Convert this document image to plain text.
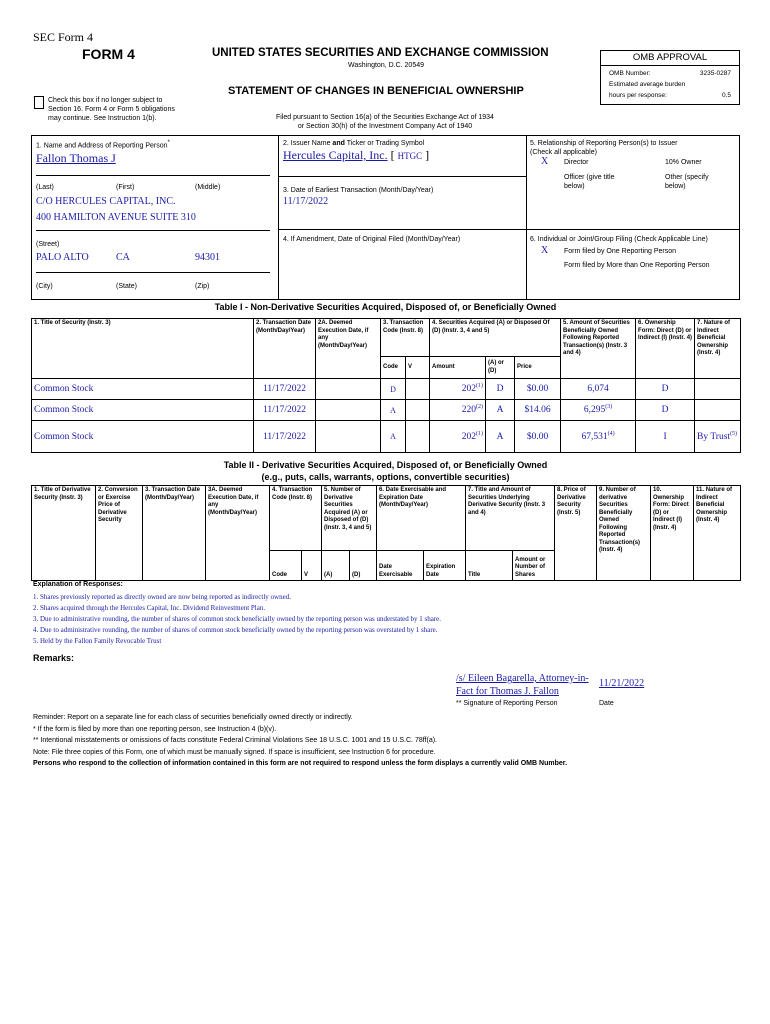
SEC Form 4
FORM 4	UNITED STATES SECURITIES AND EXCHANGE COMMISSION
Washington, D.C. 20549
STATEMENT OF CHANGES IN BENEFICIAL OWNERSHIP
Check this box if no longer subject to
Section 16. Form 4 or Form 5 obligations
may continue. See Instruction 1(b).	Filed pursuant to Section 16(a) of the Securities Exchange Act of 1934
or Section 30(h) of the Investment Company Act of 1940
OMB APPROVAL
OMB Number:	3235-0287
Estimated average burden
hours per response:	0.5
1. Name and Address of Reporting Person*
Fallon Thomas J
(Last)	(First)	(Middle)
C/O HERCULES CAPITAL, INC.
400 HAMILTON AVENUE SUITE 310
(Street)
PALO ALTO	CA	94301
(City)	(State)	(Zip)
2. Issuer Name and Ticker or Trading Symbol
Hercules Capital, Inc. [ HTGC ]
3. Date of Earliest Transaction (Month/Day/Year)
11/17/2022
4. If Amendment, Date of Original Filed (Month/Day/Year)
5. Relationship of Reporting Person(s) to Issuer
(Check all applicable)
X Director	10% Owner
Officer (give title
below)
Other (specify
below)
6. Individual or Joint/Group Filing (Check Applicable Line)
X Form filed by One Reporting Person
Form filed by More than One Reporting Person
Table I - Non-Derivative Securities Acquired, Disposed of, or Beneficially Owned
1. Title of Security (Instr. 3)	2. Transaction Date (Month/Day/Year)	2A. Deemed Execution Date, if any (Month/Day/Year)	3. Transaction Code (Instr. 8)		4. Securities Acquired (A) or Disposed Of (D) (Instr. 3, 4 and 5)			5. Amount of Securities Beneficially Owned Following Reported Transaction(s) (Instr. 3 and 4)	6. Ownership Form: Direct (D) or Indirect (I) (Instr. 4)	7. Nature of Indirect Beneficial Ownership (Instr. 4)
			Code	V	Amount	(A) or (D)	Price			
Common Stock	11/17/2022		D		202$^{(1)}$	D	$0.00	6,074	D	
Common Stock	11/17/2022		A		220$^{(2)}$	A	$14.06	6,295$^{(3)}$	D	
Common Stock	11/17/2022		A		202$^{(1)}$	A	$0.00	67,531$^{(4)}$	I	By Trust$^{(5)}$
Table II - Derivative Securities Acquired, Disposed of, or Beneficially Owned
(e.g., puts, calls, warrants, options, convertible securities)
1. Title of Derivative Security (Instr. 3)	2. Conversion or Exercise Price of Derivative Security	3. Transaction Date (Month/Day/Year)	3A. Deemed Execution Date, if any (Month/Day/Year)	4. Transaction Code (Instr. 8)		5. Number of Derivative Securities Acquired (A) or Disposed of (D) (Instr. 3, 4 and 5)		6. Date Exercisable and Expiration Date (Month/Day/Year)		7. Title and Amount of Securities Underlying Derivative Security (Instr. 3 and 4)		8. Price of Derivative Security (Instr. 5)	9. Number of derivative Securities Beneficially Owned Following Reported Transaction(s) (Instr. 4)	10. Ownership Form: Direct (D) or Indirect (I) (Instr. 4)	11. Nature of Indirect Beneficial Ownership (Instr. 4)
				Code	V	(A)	(D)	Date Exercisable	Expiration Date	Title	Amount or Number of Shares				
Explanation of Responses:
1. Shares previously reported as directly owned are now being reported as indirectly owned.
2. Shares acquired through the Hercules Capital, Inc. Dividend Reinvestment Plan.
3. Due to administrative rounding, the number of shares of common stock beneficially owned by the reporting person was understated by 1 share.
4. Due to administrative rounding, the number of shares of common stock beneficially owned by the reporting person was overstated by 1 share.
5. Held by the Fallon Family Revocable Trust
Remarks:
/s/ Eileen Bagarella, Attorney-in-
Fact for Thomas J. Fallon
11/21/2022
** Signature of Reporting Person	Date
Reminder: Report on a separate line for each class of securities beneficially owned directly or indirectly.
* If the form is filed by more than one reporting person, see Instruction 4 (b)(v).
** Intentional misstatements or omissions of facts constitute Federal Criminal Violations See 18 U.S.C. 1001 and 15 U.S.C. 78ff(a).
Note: File three copies of this Form, one of which must be manually signed. If space is insufficient, see Instruction 6 for procedure.
Persons who respond to the collection of information contained in this form are not required to respond unless the form displays a currently valid OMB Number.
